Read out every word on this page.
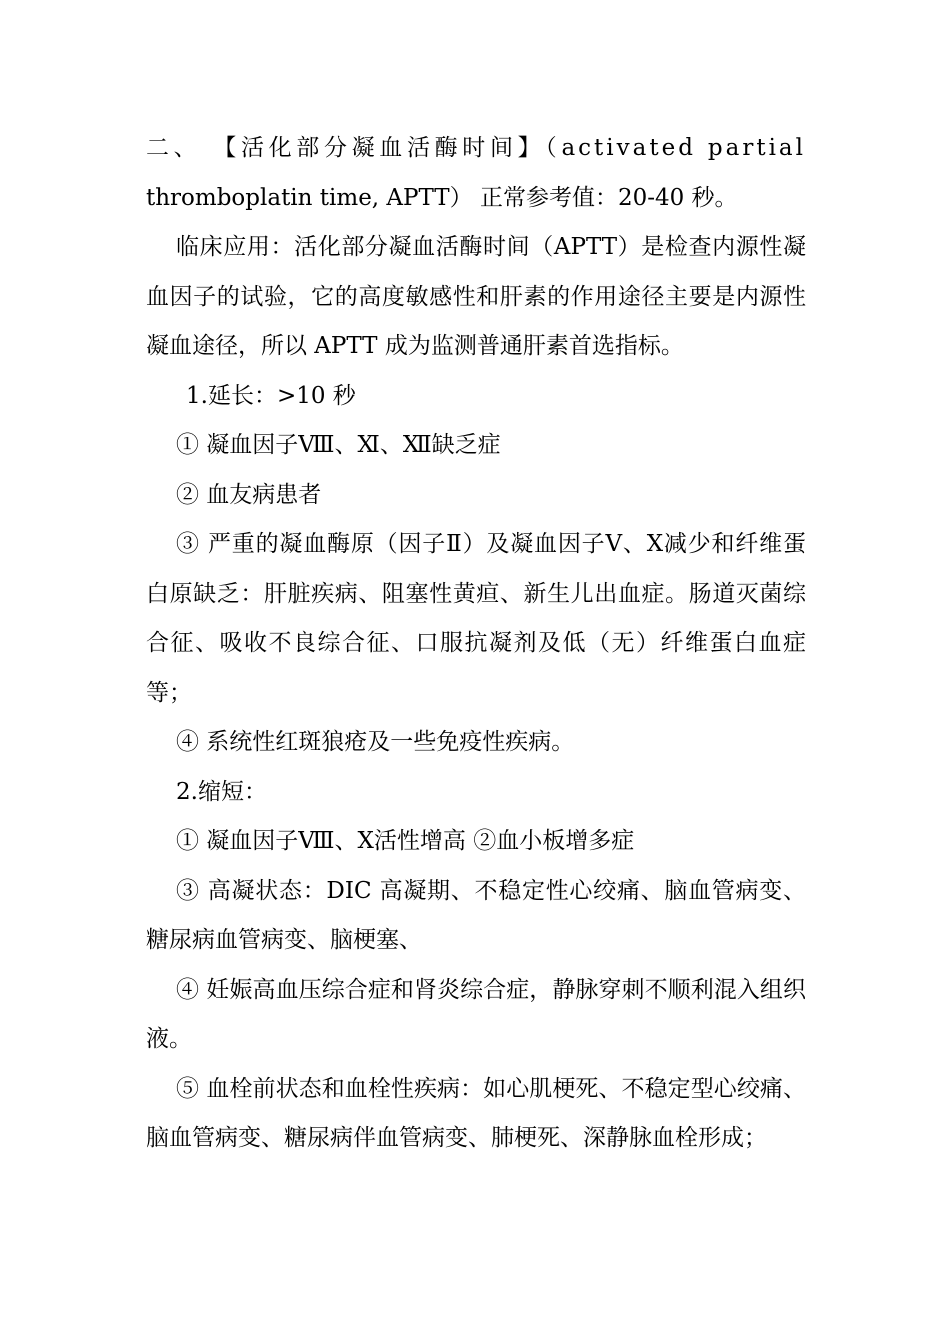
二、 【活化部分凝血活酶时间】（activated partial

thromboplatin time, APTT） 正常参考值：20-40 秒。

临床应用：活化部分凝血活酶时间（APTT）是检查内源性凝血因子的试验，它的高度敏感性和肝素的作用途径主要是内源性凝血途径，所以 APTT 成为监测普通肝素首选指标。

1.延长：>10 秒

① 凝血因子Ⅷ、Ⅺ、Ⅻ缺乏症

② 血友病患者

③ 严重的凝血酶原（因子Ⅱ）及凝血因子Ⅴ、Ⅹ减少和纤维蛋白原缺乏：肝脏疾病、阻塞性黄疸、新生儿出血症。肠道灭菌综合征、吸收不良综合征、口服抗凝剂及低（无）纤维蛋白血症等；

④ 系统性红斑狼疮及一些免疫性疾病。

2.缩短：

① 凝血因子Ⅷ、Ⅹ活性增高 ②血小板增多症

③ 高凝状态：DIC 高凝期、不稳定性心绞痛、脑血管病变、糖尿病血管病变、脑梗塞、

④ 妊娠高血压综合症和肾炎综合症，静脉穿刺不顺利混入组织液。

⑤ 血栓前状态和血栓性疾病：如心肌梗死、不稳定型心绞痛、脑血管病变、糖尿病伴血管病变、肺梗死、深静脉血栓形成；
